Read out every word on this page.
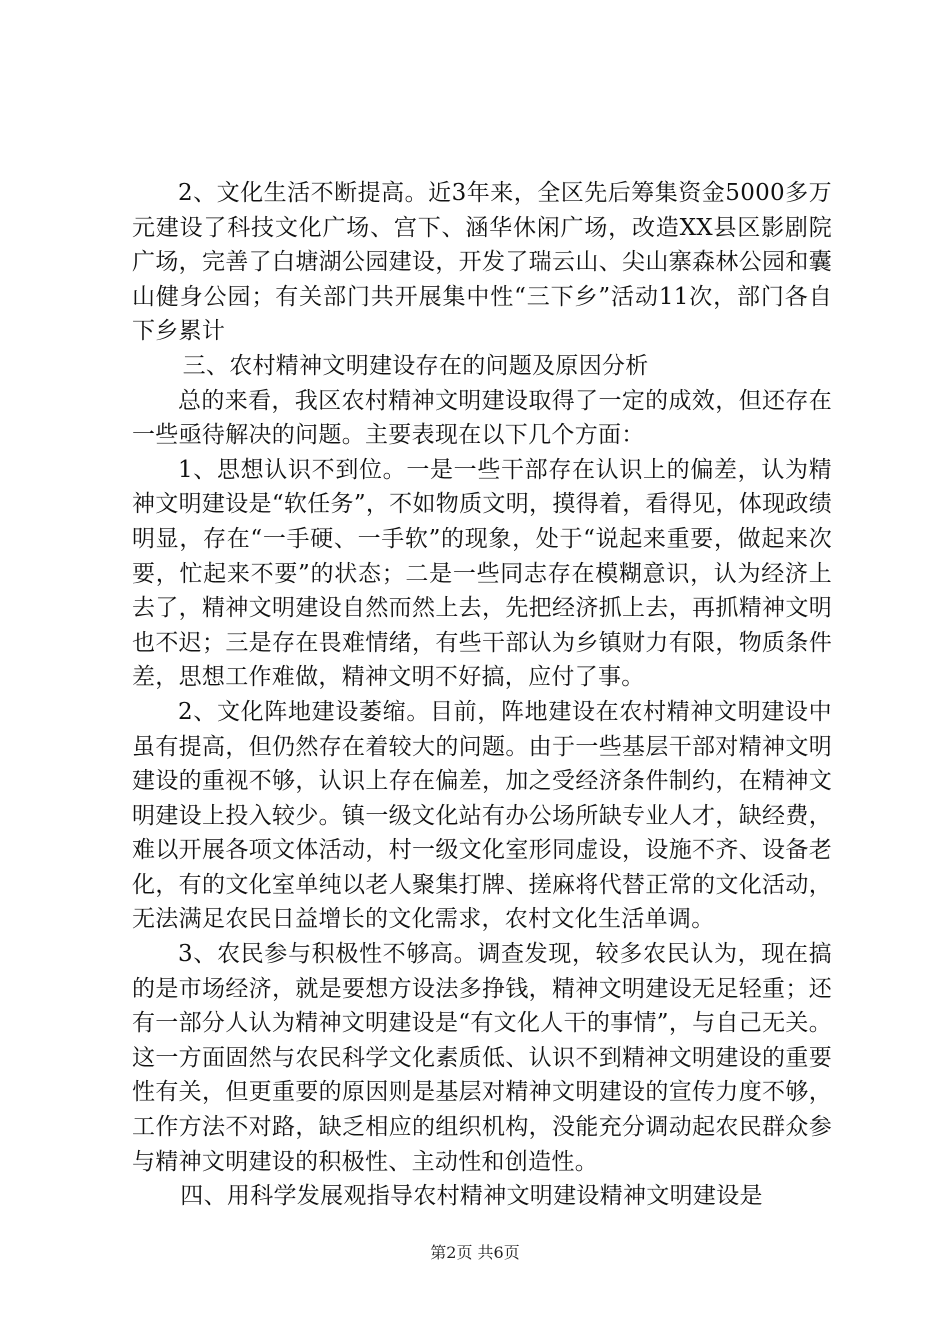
2、文化生活不断提高。近3年来，全区先后筹集资金5000多万元建设了科技文化广场、宫下、涵华休闲广场，改造XX县区影剧院广场，完善了白塘湖公园建设，开发了瑞云山、尖山寨森林公园和囊山健身公园；有关部门共开展集中性“三下乡”活动11次，部门各自下乡累计

三、农村精神文明建设存在的问题及原因分析

总的来看，我区农村精神文明建设取得了一定的成效，但还存在一些亟待解决的问题。主要表现在以下几个方面：

1、思想认识不到位。一是一些干部存在认识上的偏差，认为精神文明建设是“软任务”，不如物质文明，摸得着，看得见，体现政绩明显，存在“一手硬、一手软”的现象，处于“说起来重要，做起来次要，忙起来不要”的状态；二是一些同志存在模糊意识，认为经济上去了，精神文明建设自然而然上去，先把经济抓上去，再抓精神文明也不迟；三是存在畏难情绪，有些干部认为乡镇财力有限，物质条件差，思想工作难做，精神文明不好搞，应付了事。

2、文化阵地建设萎缩。目前，阵地建设在农村精神文明建设中虽有提高，但仍然存在着较大的问题。由于一些基层干部对精神文明建设的重视不够，认识上存在偏差，加之受经济条件制约，在精神文明建设上投入较少。镇一级文化站有办公场所缺专业人才，缺经费，难以开展各项文体活动，村一级文化室形同虚设，设施不齐、设备老化，有的文化室单纯以老人聚集打牌、搓麻将代替正常的文化活动，无法满足农民日益增长的文化需求，农村文化生活单调。

3、农民参与积极性不够高。调查发现，较多农民认为，现在搞的是市场经济，就是要想方设法多挣钱，精神文明建设无足轻重；还有一部分人认为精神文明建设是“有文化人干的事情”，与自己无关。这一方面固然与农民科学文化素质低、认识不到精神文明建设的重要性有关，但更重要的原因则是基层对精神文明建设的宣传力度不够，工作方法不对路，缺乏相应的组织机构，没能充分调动起农民群众参与精神文明建设的积极性、主动性和创造性。

四、用科学发展观指导农村精神文明建设精神文明建设是

第2页 共6页
